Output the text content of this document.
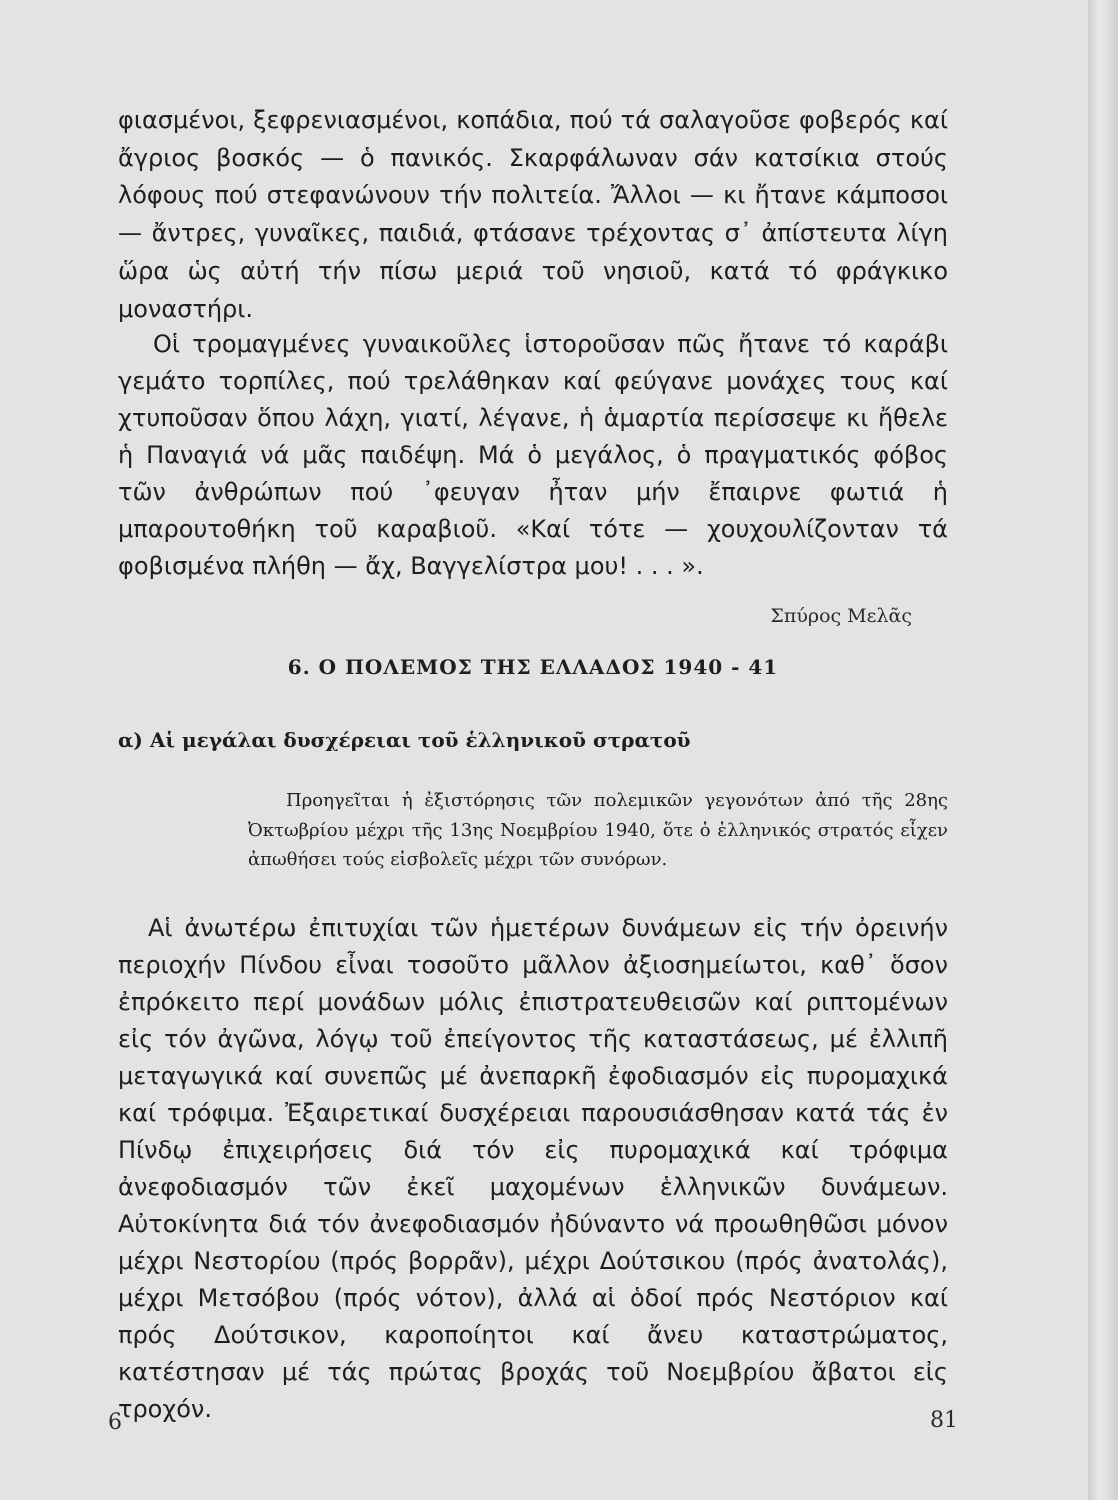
φιασμένοι, ξεφρενιασμένοι, κοπάδια, πού τά σαλαγοῦσε φοβερός καί ἄγριος βοσκός — ὁ πανικός. Σκαρφάλωναν σάν κατσίκια στούς λόφους πού στεφανώνουν τήν πολιτεία. Ἄλλοι — κι ἤτανε κάμποσοι — ἄντρες, γυναῖκες, παιδιά, φτάσανε τρέχοντας σ᾽ ἀπίστευτα λίγη ὥρα ὡς αὐτή τήν πίσω μεριά τοῦ νησιοῦ, κατά τό φράγκικο μοναστήρι.

Οἱ τρομαγμένες γυναικοῦλες ἱστοροῦσαν πῶς ἤτανε τό καράβι γεμάτο τορπίλες, πού τρελάθηκαν καί φεύγανε μονάχες τους καί χτυποῦσαν ὅπου λάχη, γιατί, λέγανε, ἡ ἁμαρτία περίσσεψε κι ἤθελε ἡ Παναγιά νά μᾶς παιδέψη. Μά ὁ μεγάλος, ὁ πραγματικός φόβος τῶν ἀνθρώπων πού ᾽φευγαν ἦταν μήν ἔπαιρνε φωτιά ἡ μπαρουτοθήκη τοῦ καραβιοῦ. «Καί τότε — χουχουλίζονταν τά φοβισμένα πλήθη — ἄχ, Βαγγελίστρα μου! . . . ».

Σπύρος Μελᾶς

6. Ο ΠΟΛΕΜΟΣ ΤΗΣ ΕΛΛΑΔΟΣ 1940 - 41
α) Αἱ μεγάλαι δυσχέρειαι τοῦ ἑλληνικοῦ στρατοῦ

Προηγεῖται ἡ ἐξιστόρησις τῶν πολεμικῶν γεγονότων ἀπό τῆς 28ης Ὀκτωβρίου μέχρι τῆς 13ης Νοεμβρίου 1940, ὅτε ὁ ἑλληνικός στρατός εἶχεν ἀπωθήσει τούς εἰσβολεῖς μέχρι τῶν συνόρων.

Αἱ ἀνωτέρω ἐπιτυχίαι τῶν ἡμετέρων δυνάμεων εἰς τήν ὀρεινήν περιοχήν Πίνδου εἶναι τοσοῦτο μᾶλλον ἀξιοσημείωτοι, καθ᾽ ὅσον ἐπρόκειτο περί μονάδων μόλις ἐπιστρατευθεισῶν καί ριπτομένων εἰς τόν ἀγῶνα, λόγῳ τοῦ ἐπείγοντος τῆς καταστάσεως, μέ ἐλλιπῆ μεταγωγικά καί συνεπῶς μέ ἀνεπαρκῆ ἐφοδιασμόν εἰς πυρομαχικά καί τρόφιμα. Ἐξαιρετικαί δυσχέρειαι παρουσιάσθησαν κατά τάς ἐν Πίνδῳ ἐπιχειρήσεις διά τόν εἰς πυρομαχικά καί τρόφιμα ἀνεφοδιασμόν τῶν ἐκεῖ μαχομένων ἑλληνικῶν δυνάμεων. Αὐτοκίνητα διά τόν ἀνεφοδιασμόν ἠδύναντο νά προωθηθῶσι μόνον μέχρι Νεστορίου (πρός βορρᾶν), μέχρι Δούτσικου (πρός ἀνατολάς), μέχρι Μετσόβου (πρός νότον), ἀλλά αἱ ὁδοί πρός Νεστόριον καί πρός Δούτσικον, καροποίητοι καί ἄνευ καταστρώματος, κατέστησαν μέ τάς πρώτας βροχάς τοῦ Νοεμβρίου ἄβατοι εἰς τροχόν.

6	81
